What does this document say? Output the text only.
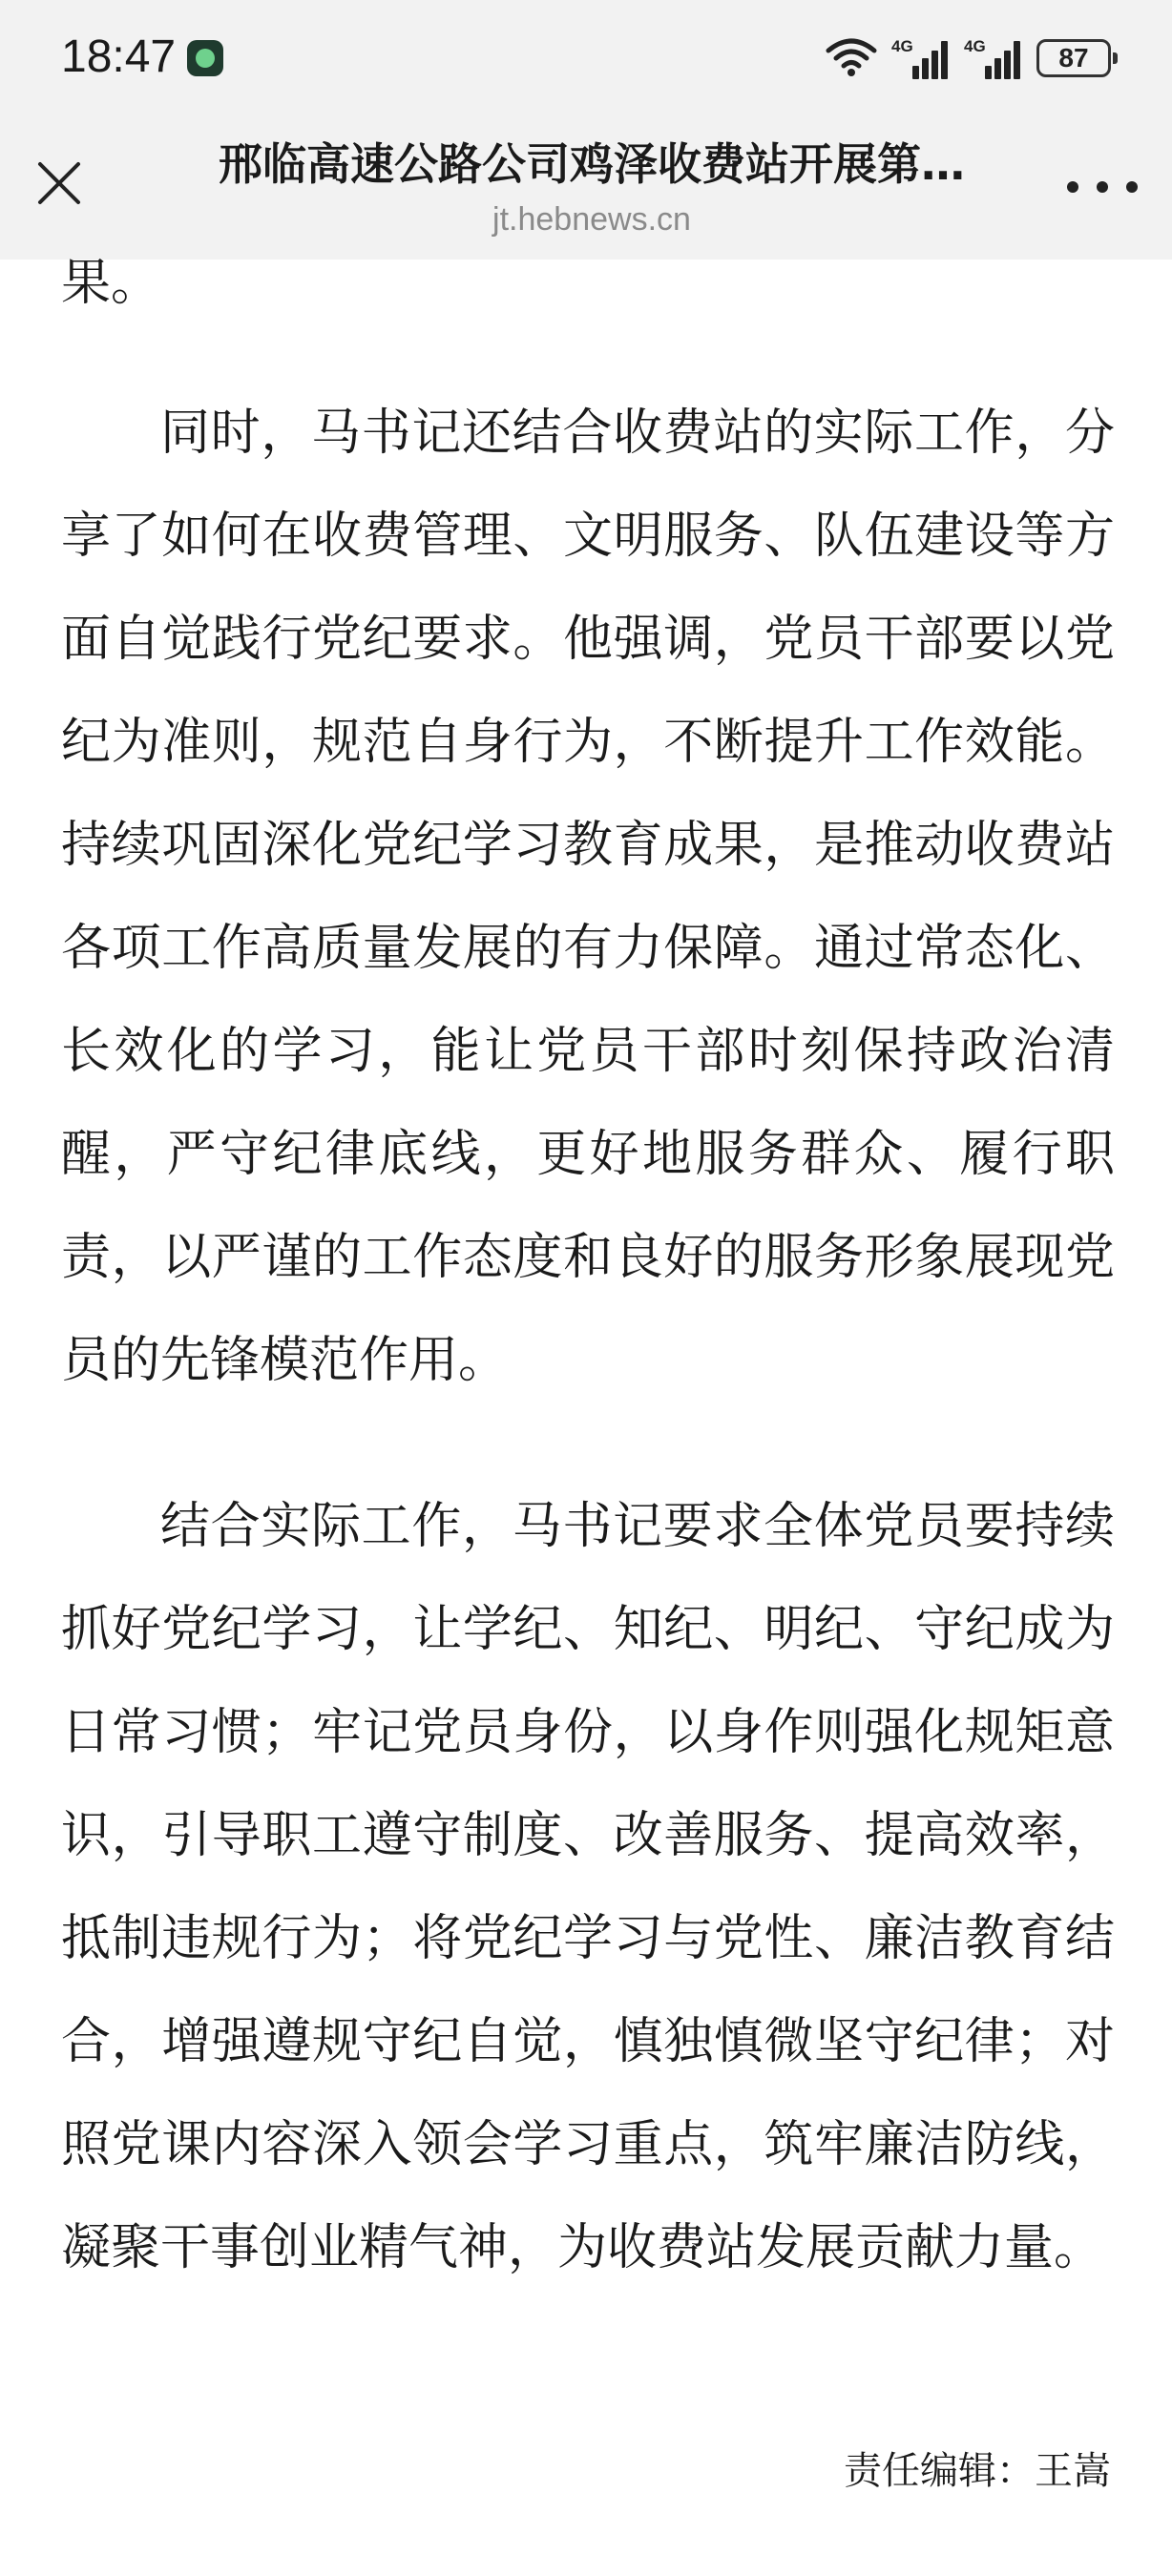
18:47	4G	4G	87
邢临高速公路公司鸡泽收费站开展第…
jt.hebnews.cn

果。

同时，马书记还结合收费站的实际工作，分享了如何在收费管理、文明服务、队伍建设等方面自觉践行党纪要求。他强调，党员干部要以党纪为准则，规范自身行为，不断提升工作效能。持续巩固深化党纪学习教育成果，是推动收费站各项工作高质量发展的有力保障。通过常态化、长效化的学习，能让党员干部时刻保持政治清醒，严守纪律底线，更好地服务群众、履行职责，以严谨的工作态度和良好的服务形象展现党员的先锋模范作用。

结合实际工作，马书记要求全体党员要持续抓好党纪学习，让学纪、知纪、明纪、守纪成为日常习惯；牢记党员身份，以身作则强化规矩意识，引导职工遵守制度、改善服务、提高效率，抵制违规行为；将党纪学习与党性、廉洁教育结合，增强遵规守纪自觉，慎独慎微坚守纪律；对照党课内容深入领会学习重点，筑牢廉洁防线，凝聚干事创业精气神，为收费站发展贡献力量。

责任编辑：王嵩
